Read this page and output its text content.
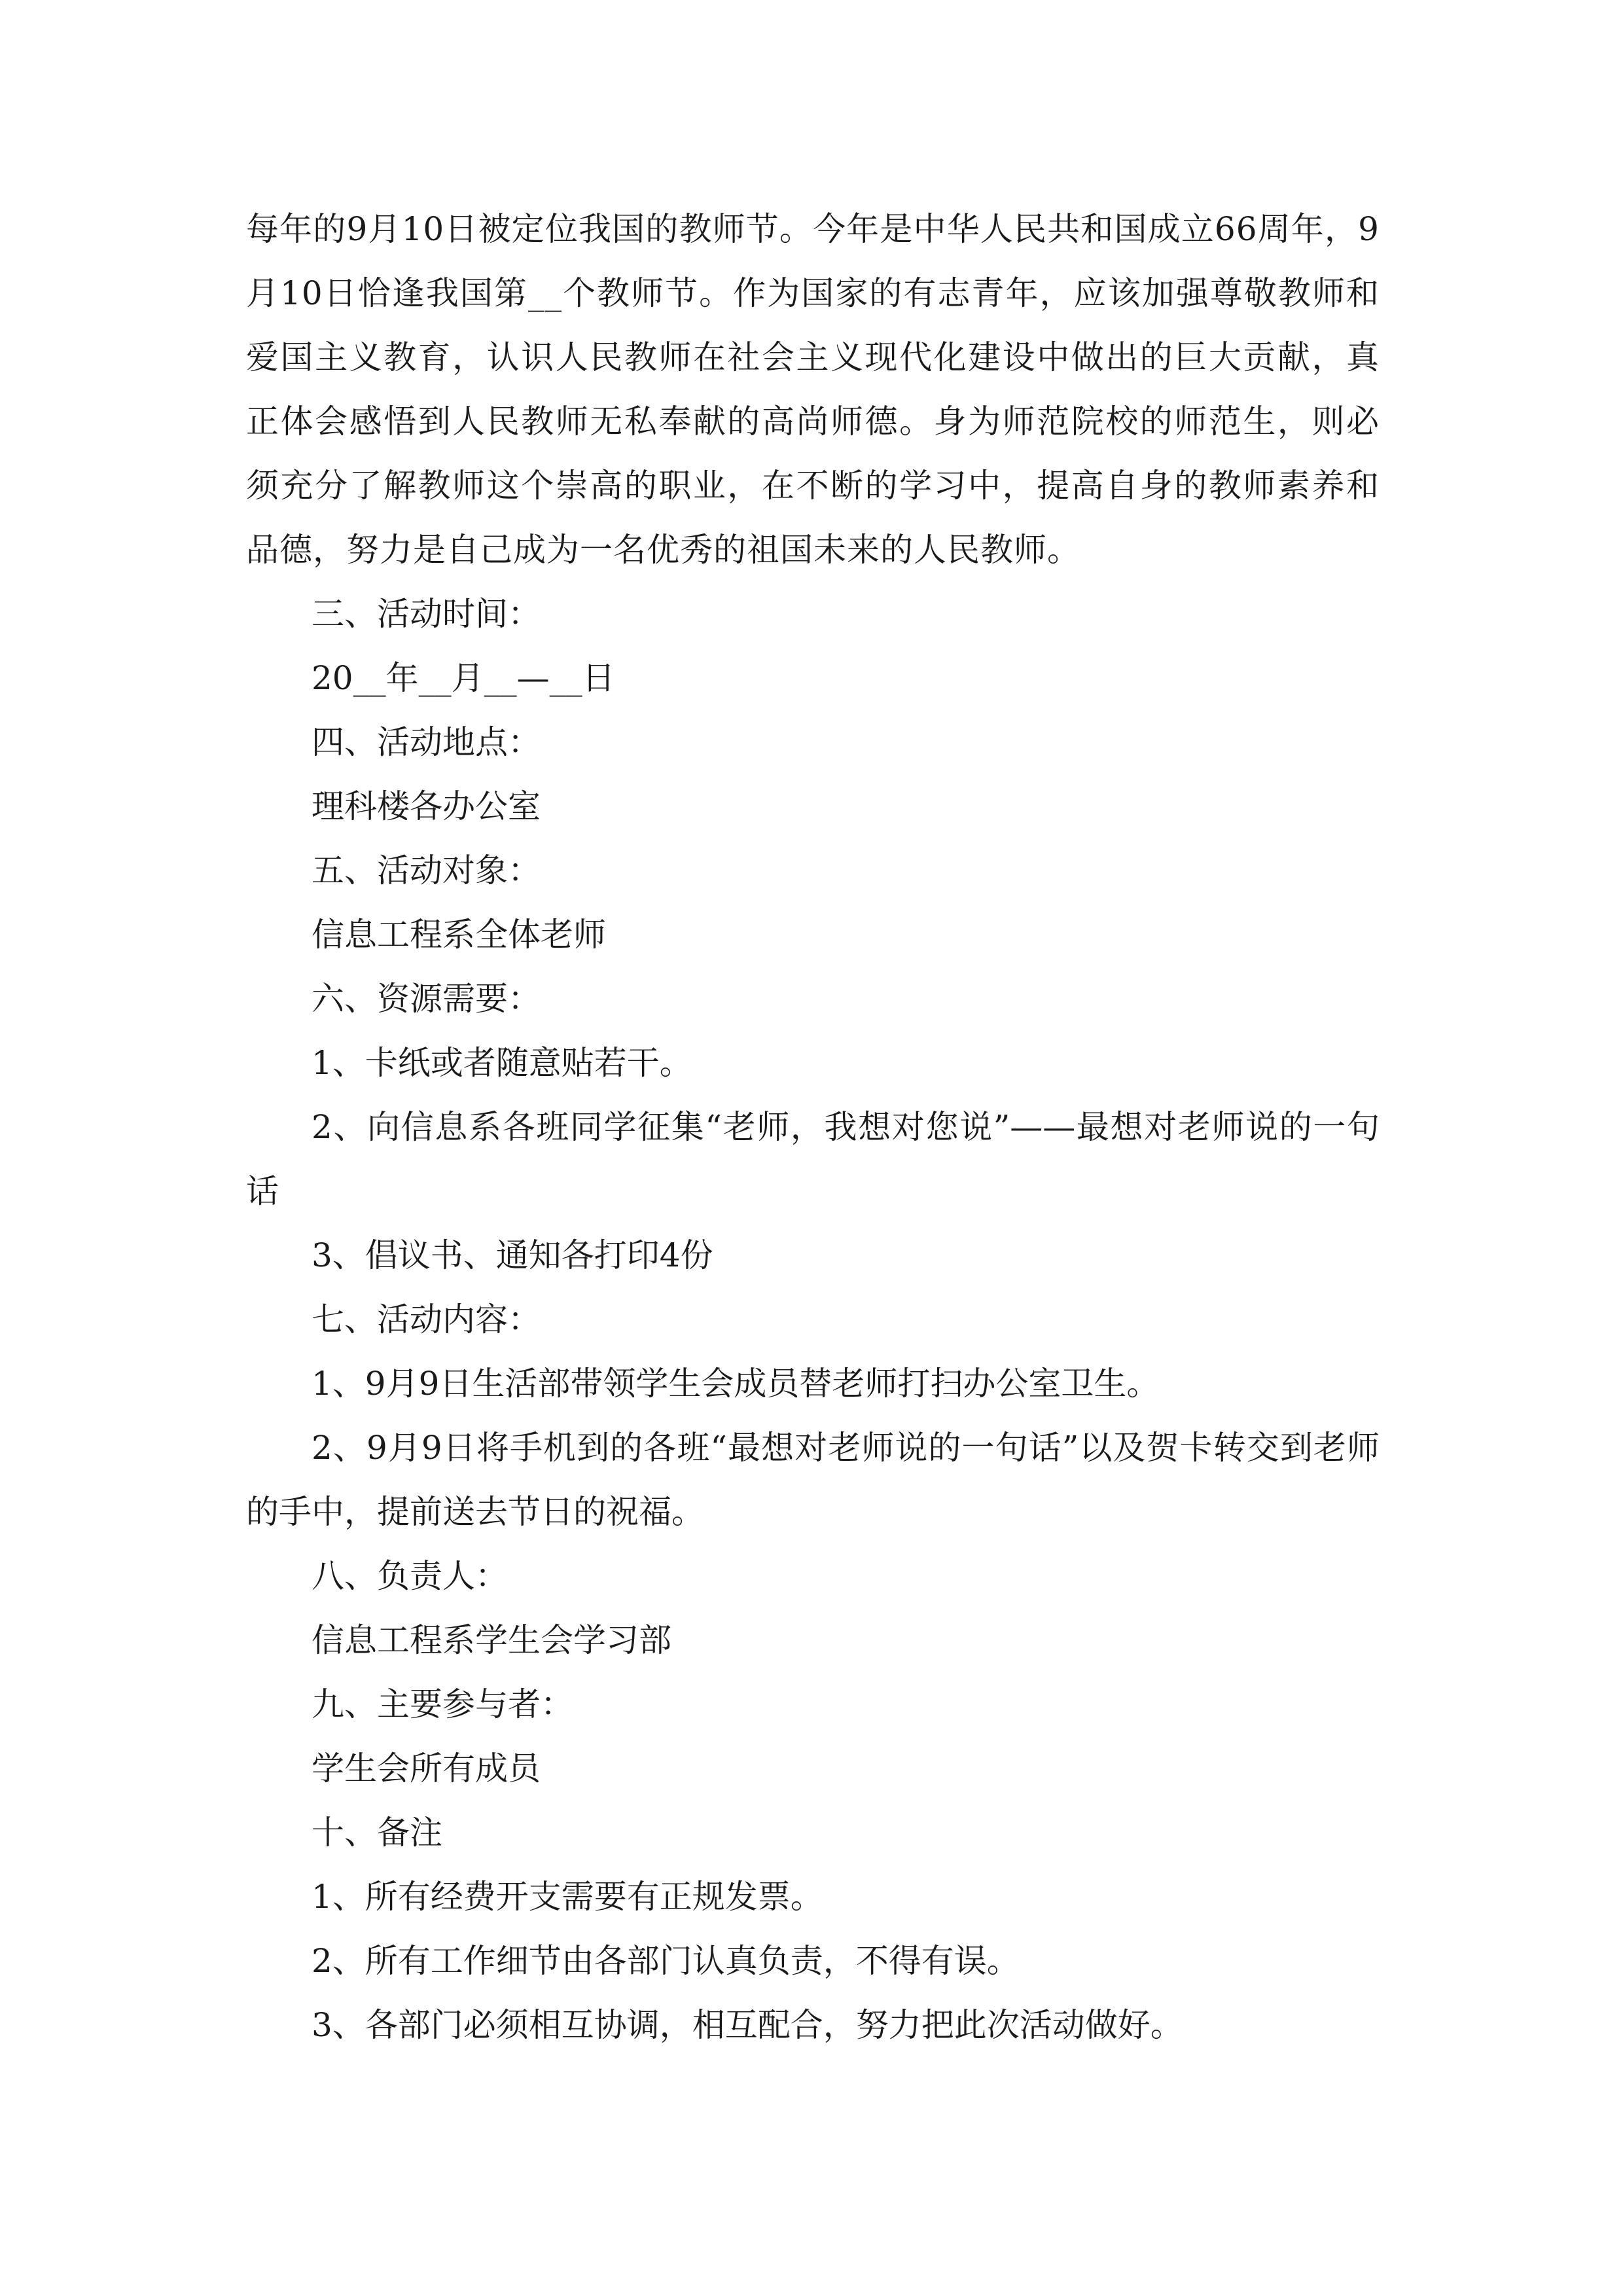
每年的9月10日被定位我国的教师节。今年是中华人民共和国成立66周年，9月10日恰逢我国第__个教师节。作为国家的有志青年，应该加强尊敬教师和爱国主义教育，认识人民教师在社会主义现代化建设中做出的巨大贡献，真正体会感悟到人民教师无私奉献的高尚师德。身为师范院校的师范生，则必须充分了解教师这个崇高的职业，在不断的学习中，提高自身的教师素养和品德，努力是自己成为一名优秀的祖国未来的人民教师。

三、活动时间：

20__年__月__—__日

四、活动地点：

理科楼各办公室

五、活动对象：

信息工程系全体老师

六、资源需要：

1、卡纸或者随意贴若干。

2、向信息系各班同学征集“老师，我想对您说”——最想对老师说的一句话

3、倡议书、通知各打印4份

七、活动内容：

1、9月9日生活部带领学生会成员替老师打扫办公室卫生。

2、9月9日将手机到的各班“最想对老师说的一句话”以及贺卡转交到老师的手中，提前送去节日的祝福。

八、负责人：

信息工程系学生会学习部

九、主要参与者：

学生会所有成员

十、备注

1、所有经费开支需要有正规发票。

2、所有工作细节由各部门认真负责，不得有误。

3、各部门必须相互协调，相互配合，努力把此次活动做好。
